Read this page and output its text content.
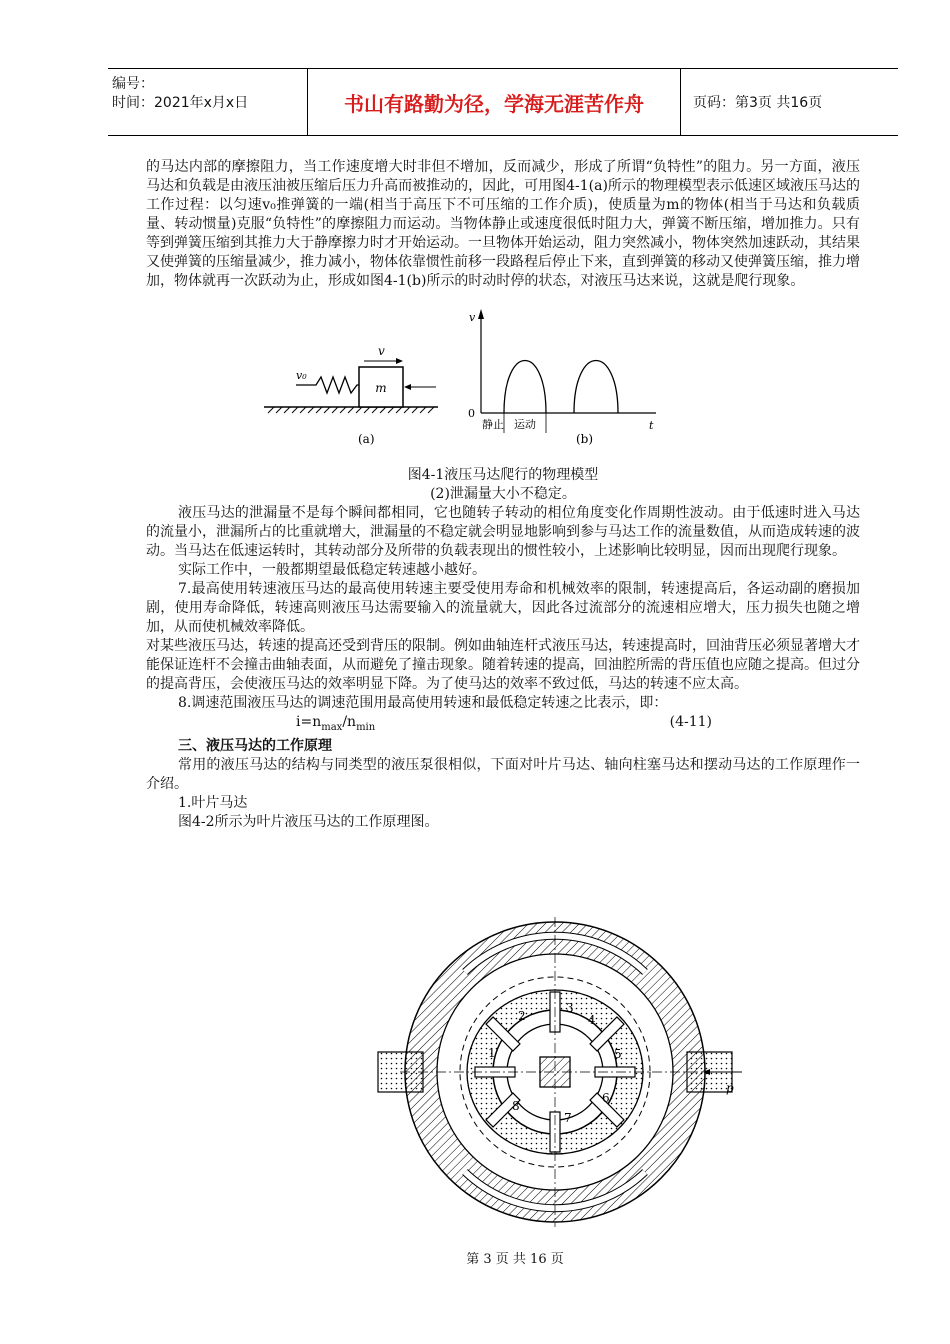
编号：
时间：2021年x月x日	书山有路勤为径，学海无涯苦作舟	页码：第3页 共16页

的马达内部的摩擦阻力，当工作速度增大时非但不增加，反而减少，形成了所谓“负特性”的阻力。另一方面，液压马达和负载是由液压油被压缩后压力升高而被推动的，因此，可用图4-1(a)所示的物理模型表示低速区域液压马达的工作过程：以匀速v₀推弹簧的一端(相当于高压下不可压缩的工作介质)，使质量为m的物体(相当于马达和负载质量、转动惯量)克服“负特性”的摩擦阻力而运动。当物体静止或速度很低时阻力大，弹簧不断压缩，增加推力。只有等到弹簧压缩到其推力大于静摩擦力时才开始运动。一旦物体开始运动，阻力突然减小，物体突然加速跃动，其结果又使弹簧的压缩量减少，推力减小，物体依靠惯性前移一段路程后停止下来，直到弹簧的移动又使弹簧压缩，推力增加，物体就再一次跃动为止，形成如图4-1(b)所示的时动时停的状态，对液压马达来说，这就是爬行现象。

m
v
v₀
(a)
v
0
t
静止 运动
(b)
图4-1液压马达爬行的物理模型
(2)泄漏量大小不稳定。

液压马达的泄漏量不是每个瞬间都相同，它也随转子转动的相位角度变化作周期性波动。由于低速时进入马达的流量小，泄漏所占的比重就增大，泄漏量的不稳定就会明显地影响到参与马达工作的流量数值，从而造成转速的波动。当马达在低速运转时，其转动部分及所带的负载表现出的惯性较小，上述影响比较明显，因而出现爬行现象。

实际工作中，一般都期望最低稳定转速越小越好。

7.最高使用转速液压马达的最高使用转速主要受使用寿命和机械效率的限制，转速提高后，各运动副的磨损加剧，使用寿命降低，转速高则液压马达需要输入的流量就大，因此各过流部分的流速相应增大，压力损失也随之增加，从而使机械效率降低。

对某些液压马达，转速的提高还受到背压的限制。例如曲轴连杆式液压马达，转速提高时，回油背压必须显著增大才能保证连杆不会撞击曲轴表面，从而避免了撞击现象。随着转速的提高，回油腔所需的背压值也应随之提高。但过分的提高背压，会使液压马达的效率明显下降。为了使马达的效率不致过低，马达的转速不应太高。

8.调速范围液压马达的调速范围用最高使用转速和最低稳定转速之比表示，即：

$i=n_{max}/n_{min}$	(4-11)
三、液压马达的工作原理

常用的液压马达的结构与同类型的液压泵很相似，下面对叶片马达、轴向柱塞马达和摆动马达的工作原理作一介绍。

1.叶片马达

图4-2所示为叶片液压马达的工作原理图。

1
2
3
4
5
6
7
8
p
第 3 页 共 16 页
